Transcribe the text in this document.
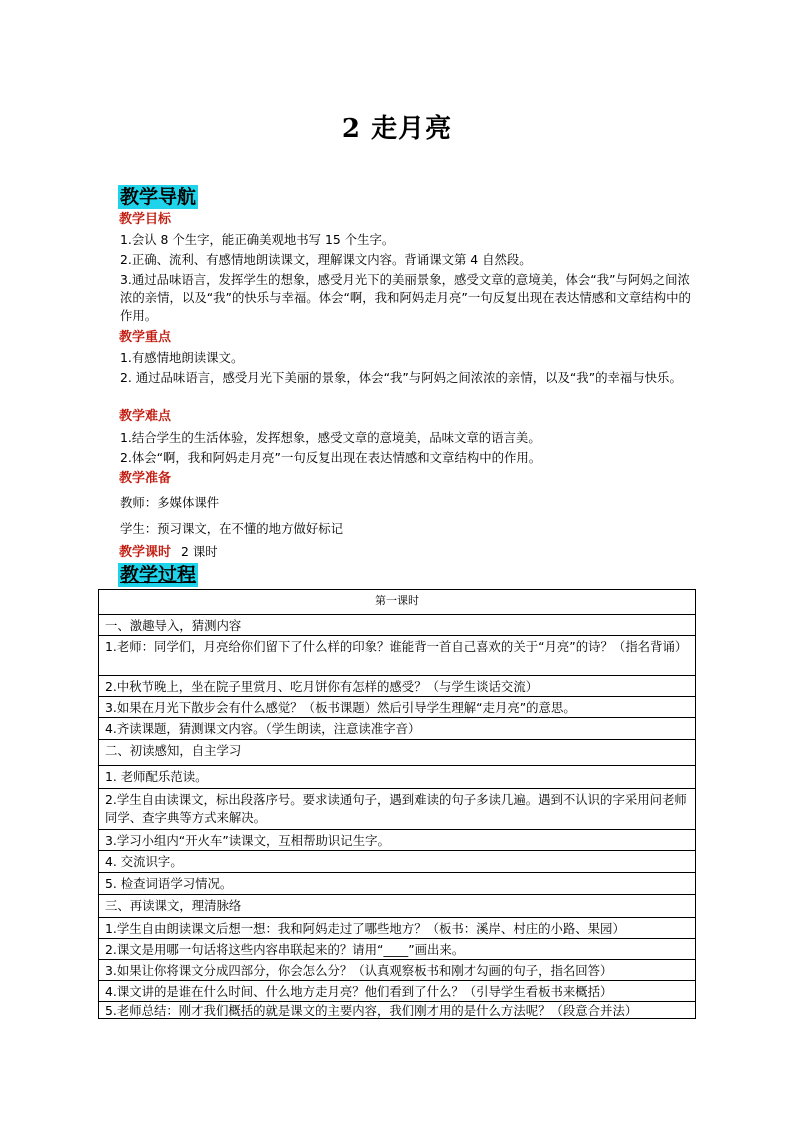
2 走月亮
教学导航
教学目标
1.会认 8 个生字，能正确美观地书写 15 个生字。
2.正确、流利、有感情地朗读课文，理解课文内容。背诵课文第 4 自然段。
3.通过品味语言，发挥学生的想象，感受月光下的美丽景象，感受文章的意境美，体会“我”与阿妈之间浓浓的亲情，以及“我”的快乐与幸福。体会“啊，我和阿妈走月亮”一句反复出现在表达情感和文章结构中的作用。
教学重点
1.有感情地朗读课文。
2. 通过品味语言，感受月光下美丽的景象，体会“我”与阿妈之间浓浓的亲情，以及“我”的幸福与快乐。
教学难点
1.结合学生的生活体验，发挥想象，感受文章的意境美，品味文章的语言美。
2.体会“啊，我和阿妈走月亮”一句反复出现在表达情感和文章结构中的作用。
教学准备
教师：多媒体课件
学生：预习课文，在不懂的地方做好标记
教学课时 2 课时
教学过程
第一课时
一、激趣导入，猜测内容
1.老师：同学们，月亮给你们留下了什么样的印象？谁能背一首自己喜欢的关于“月亮”的诗？（指名背诵）
2.中秋节晚上，坐在院子里赏月、吃月饼你有怎样的感受？（与学生谈话交流）
3.如果在月光下散步会有什么感觉？（板书课题）然后引导学生理解“走月亮”的意思。
4.齐读课题，猜测课文内容。（学生朗读，注意读准字音）
二、初读感知，自主学习
1. 老师配乐范读。
2.学生自由读课文，标出段落序号。要求读通句子，遇到难读的句子多读几遍。遇到不认识的字采用问老师同学、查字典等方式来解决。
3.学习小组内“开火车”读课文，互相帮助识记生字。
4. 交流识字。
5. 检查词语学习情况。
三、再读课文，理清脉络
1.学生自由朗读课文后想一想：我和阿妈走过了哪些地方？（板书：溪岸、村庄的小路、果园）
2.课文是用哪一句话将这些内容串联起来的？请用“____”画出来。
3.如果让你将课文分成四部分，你会怎么分？（认真观察板书和刚才勾画的句子，指名回答）
4.课文讲的是谁在什么时间、什么地方走月亮？他们看到了什么？（引导学生看板书来概括）
5.老师总结：刚才我们概括的就是课文的主要内容，我们刚才用的是什么方法呢？（段意合并法）
